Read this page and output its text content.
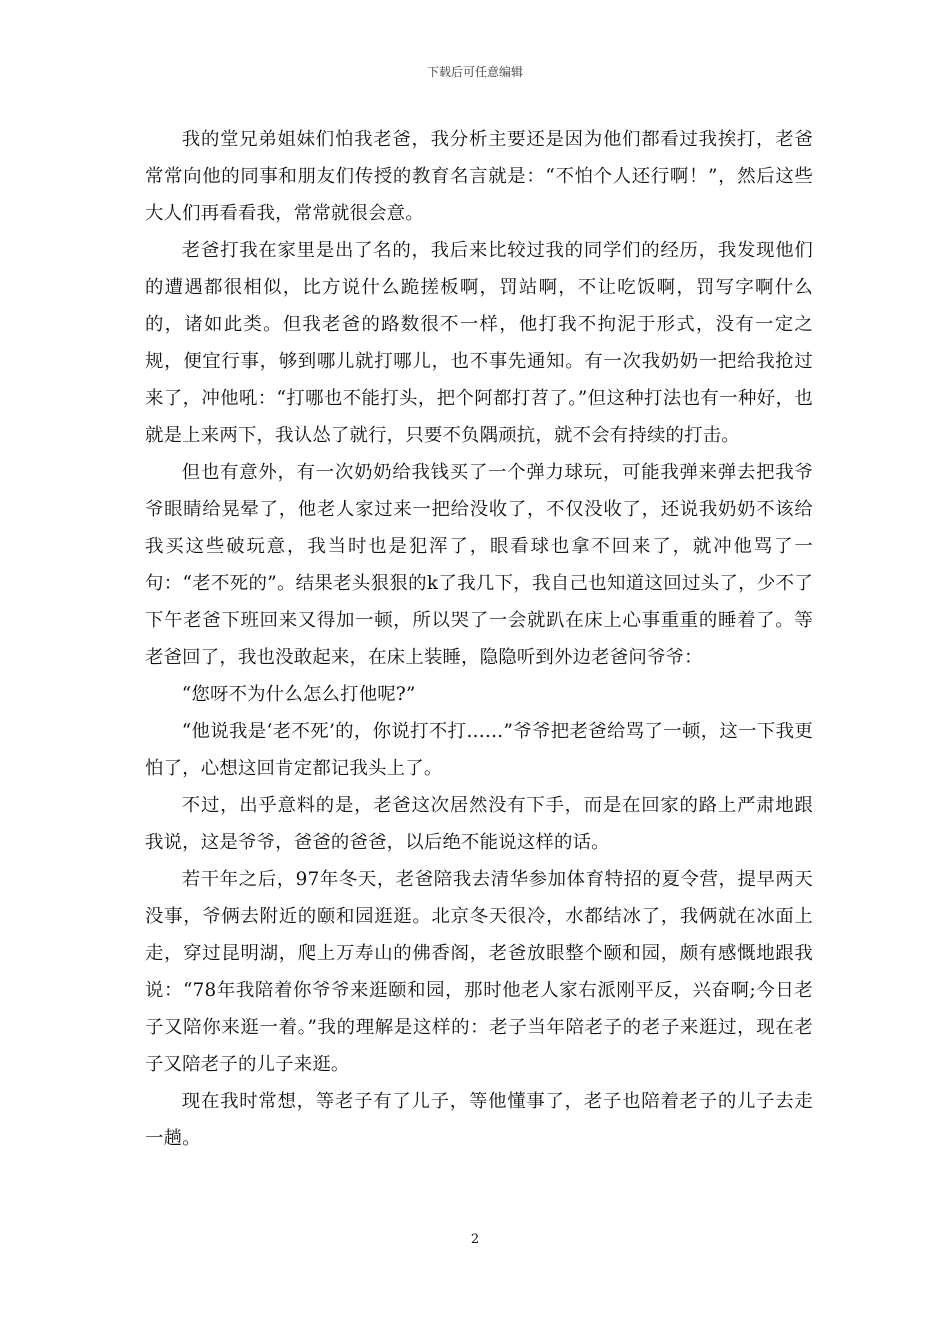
下载后可任意编辑

我的堂兄弟姐妹们怕我老爸，我分析主要还是因为他们都看过我挨打，老爸常常向他的同事和朋友们传授的教育名言就是：“不怕个人还行啊！”，然后这些大人们再看看我，常常就很会意。

老爸打我在家里是出了名的，我后来比较过我的同学们的经历，我发现他们的遭遇都很相似，比方说什么跪搓板啊，罚站啊，不让吃饭啊，罚写字啊什么的，诸如此类。但我老爸的路数很不一样，他打我不拘泥于形式，没有一定之规，便宜行事，够到哪儿就打哪儿，也不事先通知。有一次我奶奶一把给我抢过来了，冲他吼：“打哪也不能打头，把个阿都打苕了。”但这种打法也有一种好，也就是上来两下，我认怂了就行，只要不负隅顽抗，就不会有持续的打击。

但也有意外，有一次奶奶给我钱买了一个弹力球玩，可能我弹来弹去把我爷爷眼睛给晃晕了，他老人家过来一把给没收了，不仅没收了，还说我奶奶不该给我买这些破玩意，我当时也是犯浑了，眼看球也拿不回来了，就冲他骂了一句：“老不死的”。结果老头狠狠的k了我几下，我自己也知道这回过头了，少不了下午老爸下班回来又得加一顿，所以哭了一会就趴在床上心事重重的睡着了。等老爸回了，我也没敢起来，在床上装睡，隐隐听到外边老爸问爷爷：

“您呀不为什么怎么打他呢?”

“他说我是‘老不死’的，你说打不打……”爷爷把老爸给骂了一顿，这一下我更怕了，心想这回肯定都记我头上了。

不过，出乎意料的是，老爸这次居然没有下手，而是在回家的路上严肃地跟我说，这是爷爷，爸爸的爸爸，以后绝不能说这样的话。

若干年之后，97年冬天，老爸陪我去清华参加体育特招的夏令营，提早两天没事，爷俩去附近的颐和园逛逛。北京冬天很冷，水都结冰了，我俩就在冰面上走，穿过昆明湖，爬上万寿山的佛香阁，老爸放眼整个颐和园，颇有感慨地跟我说：“78年我陪着你爷爷来逛颐和园，那时他老人家右派刚平反，兴奋啊;今日老子又陪你来逛一着。”我的理解是这样的：老子当年陪老子的老子来逛过，现在老子又陪老子的儿子来逛。

现在我时常想，等老子有了儿子，等他懂事了，老子也陪着老子的儿子去走一趟。

2
